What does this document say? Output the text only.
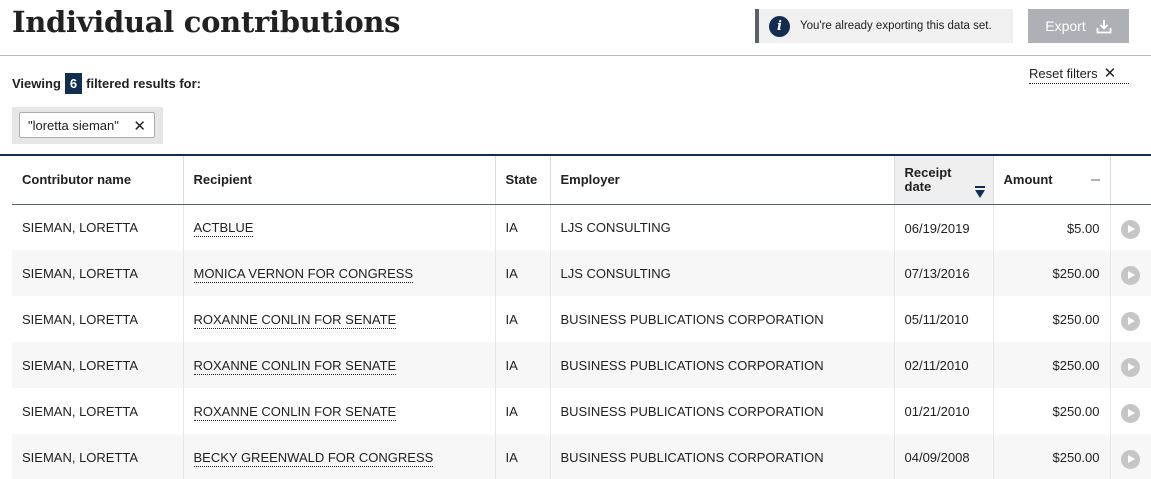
Individual contributions	i	You're already exporting this data set.	Export
Viewing 6 filtered results for:
Reset filters ✕
"loretta sieman" ✕
Contributor name	Recipient	State	Employer	Receipt date	Amount

SIEMAN, LORETTA	ACTBLUE	IA	LJS CONSULTING	06/19/2019	$5.00	
SIEMAN, LORETTA	MONICA VERNON FOR CONGRESS	IA	LJS CONSULTING	07/13/2016	$250.00	
SIEMAN, LORETTA	ROXANNE CONLIN FOR SENATE	IA	BUSINESS PUBLICATIONS CORPORATION	05/11/2010	$250.00	
SIEMAN, LORETTA	ROXANNE CONLIN FOR SENATE	IA	BUSINESS PUBLICATIONS CORPORATION	02/11/2010	$250.00	
SIEMAN, LORETTA	ROXANNE CONLIN FOR SENATE	IA	BUSINESS PUBLICATIONS CORPORATION	01/21/2010	$250.00	
SIEMAN, LORETTA	BECKY GREENWALD FOR CONGRESS	IA	BUSINESS PUBLICATIONS CORPORATION	04/09/2008	$250.00	
